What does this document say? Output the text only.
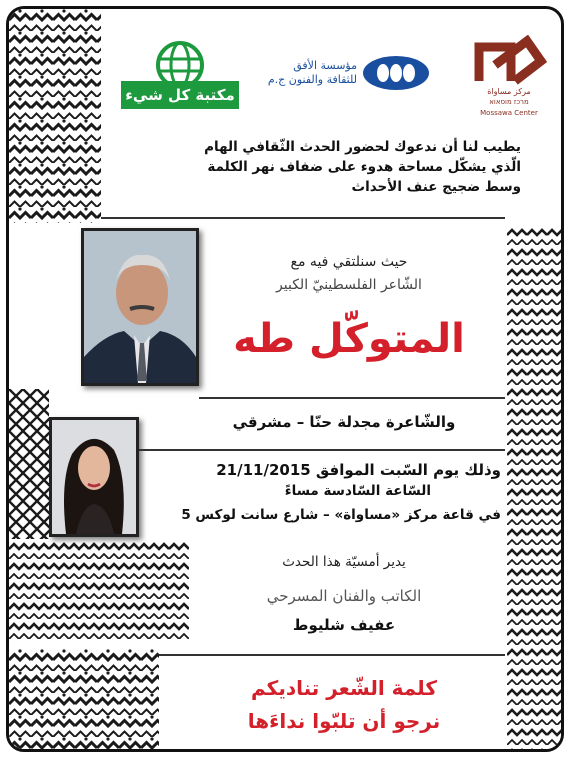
مكتبة كل شيء
مؤسسة الأفق
للثقافة والفنون ج.م
مركز مساواة
מרכז מוסאוא
Mossawa Center
يطيب لنا أن ندعوك لحضور الحدث الثّقافي الهام
الّذي يشكّل مساحة هدوء على ضفاف نهر الكلمة
وسط ضجيج عنف الأحداث
حيث سنلتقي فيه مع
الشّاعر الفلسطينيّ الكبير
المتوكّل طه
والشّاعرة مجدلة حنّا – مشرقي
وذلك يوم السّبت الموافق 21/11/2015
السّاعة السّادسة مساءً
في قاعة مركز «مساواة» – شارع سانت لوكس 5
يدير أمسيّة هذا الحدث
الكاتب والفنان المسرحي
عفيف شليوط
كلمة الشّعر تناديكم
نرجو أن تلبّوا نداءَها
